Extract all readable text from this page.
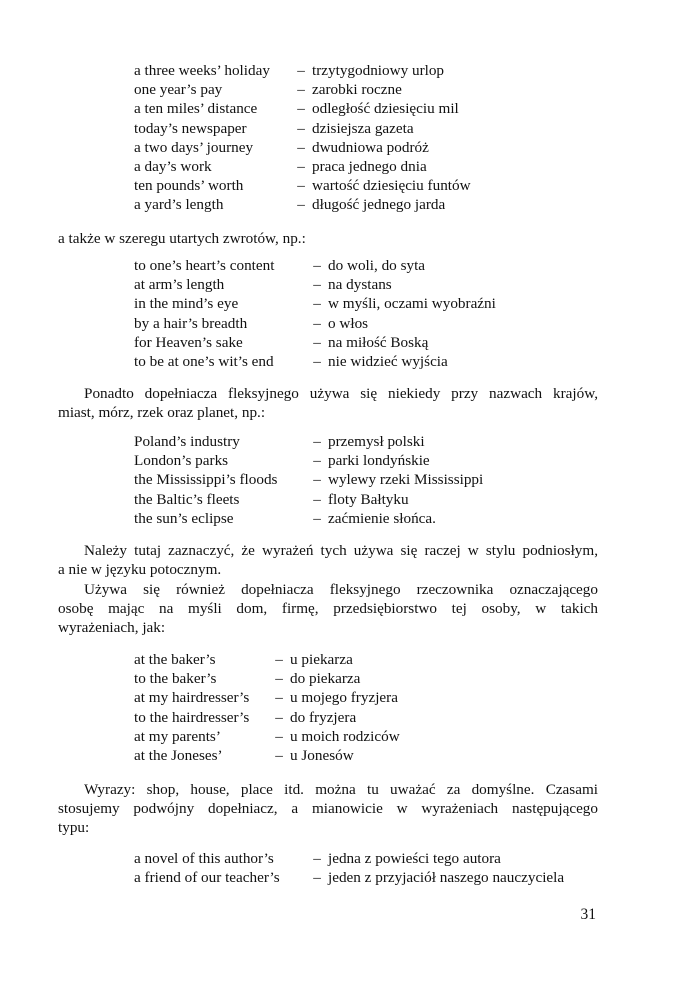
a three weeks’ holiday	– trzytygodniowy urlop
one year’s pay	– zarobki roczne
a ten miles’ distance	– odległość dziesięciu mil
today’s newspaper	– dzisiejsza gazeta
a two days’ journey	– dwudniowa podróż
a day’s work	– praca jednego dnia
ten pounds’ worth	– wartość dziesięciu funtów
a yard’s length	– długość jednego jarda

a także w szeregu utartych zwrotów, np.:

to one’s heart’s content	– do woli, do syta
at arm’s length	– na dystans
in the mind’s eye	– w myśli, oczami wyobraźni
by a hair’s breadth	– o włos
for Heaven’s sake	– na miłość Boską
to be at one’s wit’s end	– nie widzieć wyjścia

Ponadto dopełniacza fleksyjnego używa się niekiedy przy nazwach krajów,

miast, mórz, rzek oraz planet, np.:

Poland’s industry	– przemysł polski
London’s parks	– parki londyńskie
the Mississippi’s floods	– wylewy rzeki Mississippi
the Baltic’s fleets	– floty Bałtyku
the sun’s eclipse	– zaćmienie słońca.

Należy tutaj zaznaczyć, że wyrażeń tych używa się raczej w stylu podniosłym,

a nie w języku potocznym.

Używa się również dopełniacza fleksyjnego rzeczownika oznaczającego

osobę mając na myśli dom, firmę, przedsiębiorstwo tej osoby, w takich

wyrażeniach, jak:

at the baker’s	– u piekarza
to the baker’s	– do piekarza
at my hairdresser’s	– u mojego fryzjera
to the hairdresser’s	– do fryzjera
at my parents’	– u moich rodziców
at the Joneses’	– u Jonesów

Wyrazy: shop, house, place itd. można tu uważać za domyślne. Czasami

stosujemy podwójny dopełniacz, a mianowicie w wyrażeniach następującego

typu:

a novel of this author’s	– jedna z powieści tego autora
a friend of our teacher’s	– jeden z przyjaciół naszego nauczyciela
31
